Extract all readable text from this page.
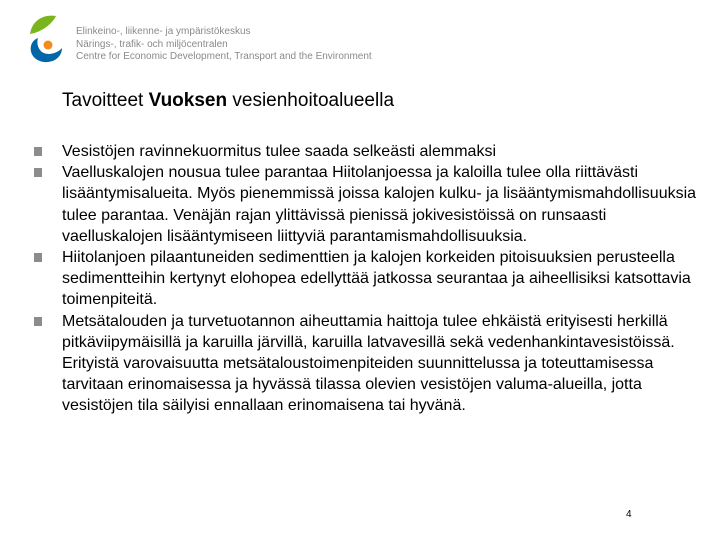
Elinkeino-, liikenne- ja ympäristökeskus
Närings-, trafik- och miljöcentralen
Centre for Economic Development, Transport and the Environment
Tavoitteet Vuoksen vesienhoitoalueella
Vesistöjen ravinnekuormitus tulee saada selkeästi alemmaksi
Vaelluskalojen nousua tulee parantaa Hiitolanjoessa ja kaloilla tulee olla riittävästi lisääntymisalueita. Myös pienemmissä joissa kalojen kulku- ja lisääntymismahdollisuuksia tulee parantaa. Venäjän rajan ylittävissä pienissä jokivesistöissä on runsaasti vaelluskalojen lisääntymiseen liittyviä parantamismahdollisuuksia.
Hiitolanjoen pilaantuneiden sedimenttien ja kalojen korkeiden pitoisuuksien perusteella sedimentteihin kertynyt elohopea edellyttää jatkossa seurantaa ja aiheellisiksi katsottavia toimenpiteitä.
Metsätalouden ja turvetuotannon aiheuttamia haittoja tulee ehkäistä erityisesti herkillä pitkäviipymäisillä ja karuilla järvillä, karuilla latvavesillä sekä vedenhankintavesistöissä. Erityistä varovaisuutta metsätaloustoimenpiteiden suunnittelussa ja toteuttamisessa tarvitaan erinomaisessa ja hyvässä tilassa olevien vesistöjen valuma-alueilla, jotta vesistöjen tila säilyisi ennallaan erinomaisena tai hyvänä.
4
